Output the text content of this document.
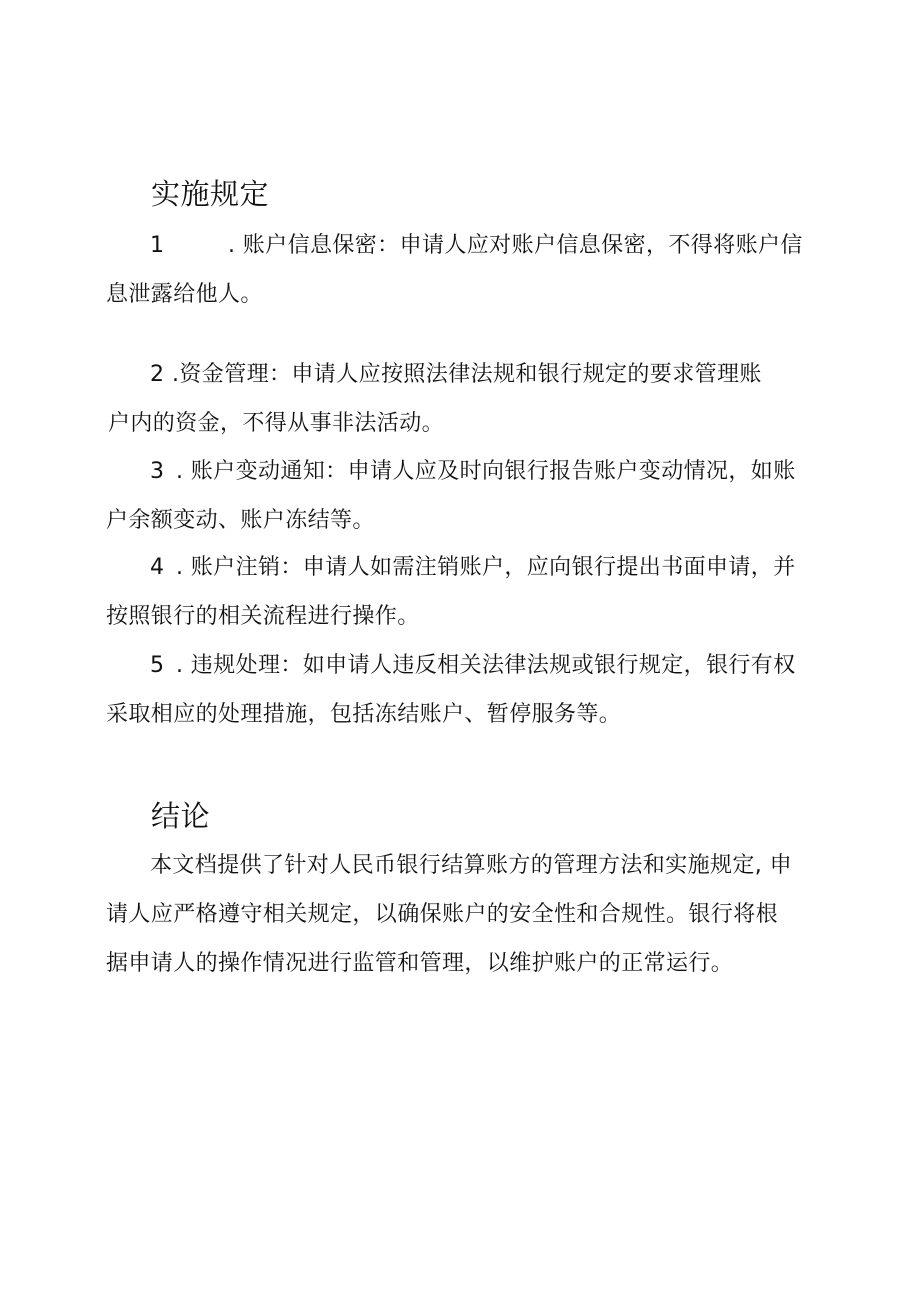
实施规定

1	. 账户信息保密：申请人应对账户信息保密，不得将账户信
息泄露给他人。

2 .资金管理：申请人应按照法律法规和银行规定的要求管理账
户内的资金，不得从事非法活动。

3 . 账户变动通知：申请人应及时向银行报告账户变动情况，如账
户余额变动、账户冻结等。

4 . 账户注销：申请人如需注销账户，应向银行提出书面申请，并
按照银行的相关流程进行操作。

5 . 违规处理：如申请人违反相关法律法规或银行规定，银行有权
采取相应的处理措施，包括冻结账户、暂停服务等。

结论

本文档提供了针对人民币银行结算账方的管理方法和实施规定, 申
请人应严格遵守相关规定，以确保账户的安全性和合规性。银行将根
据申请人的操作情况进行监管和管理，以维护账户的正常运行。
